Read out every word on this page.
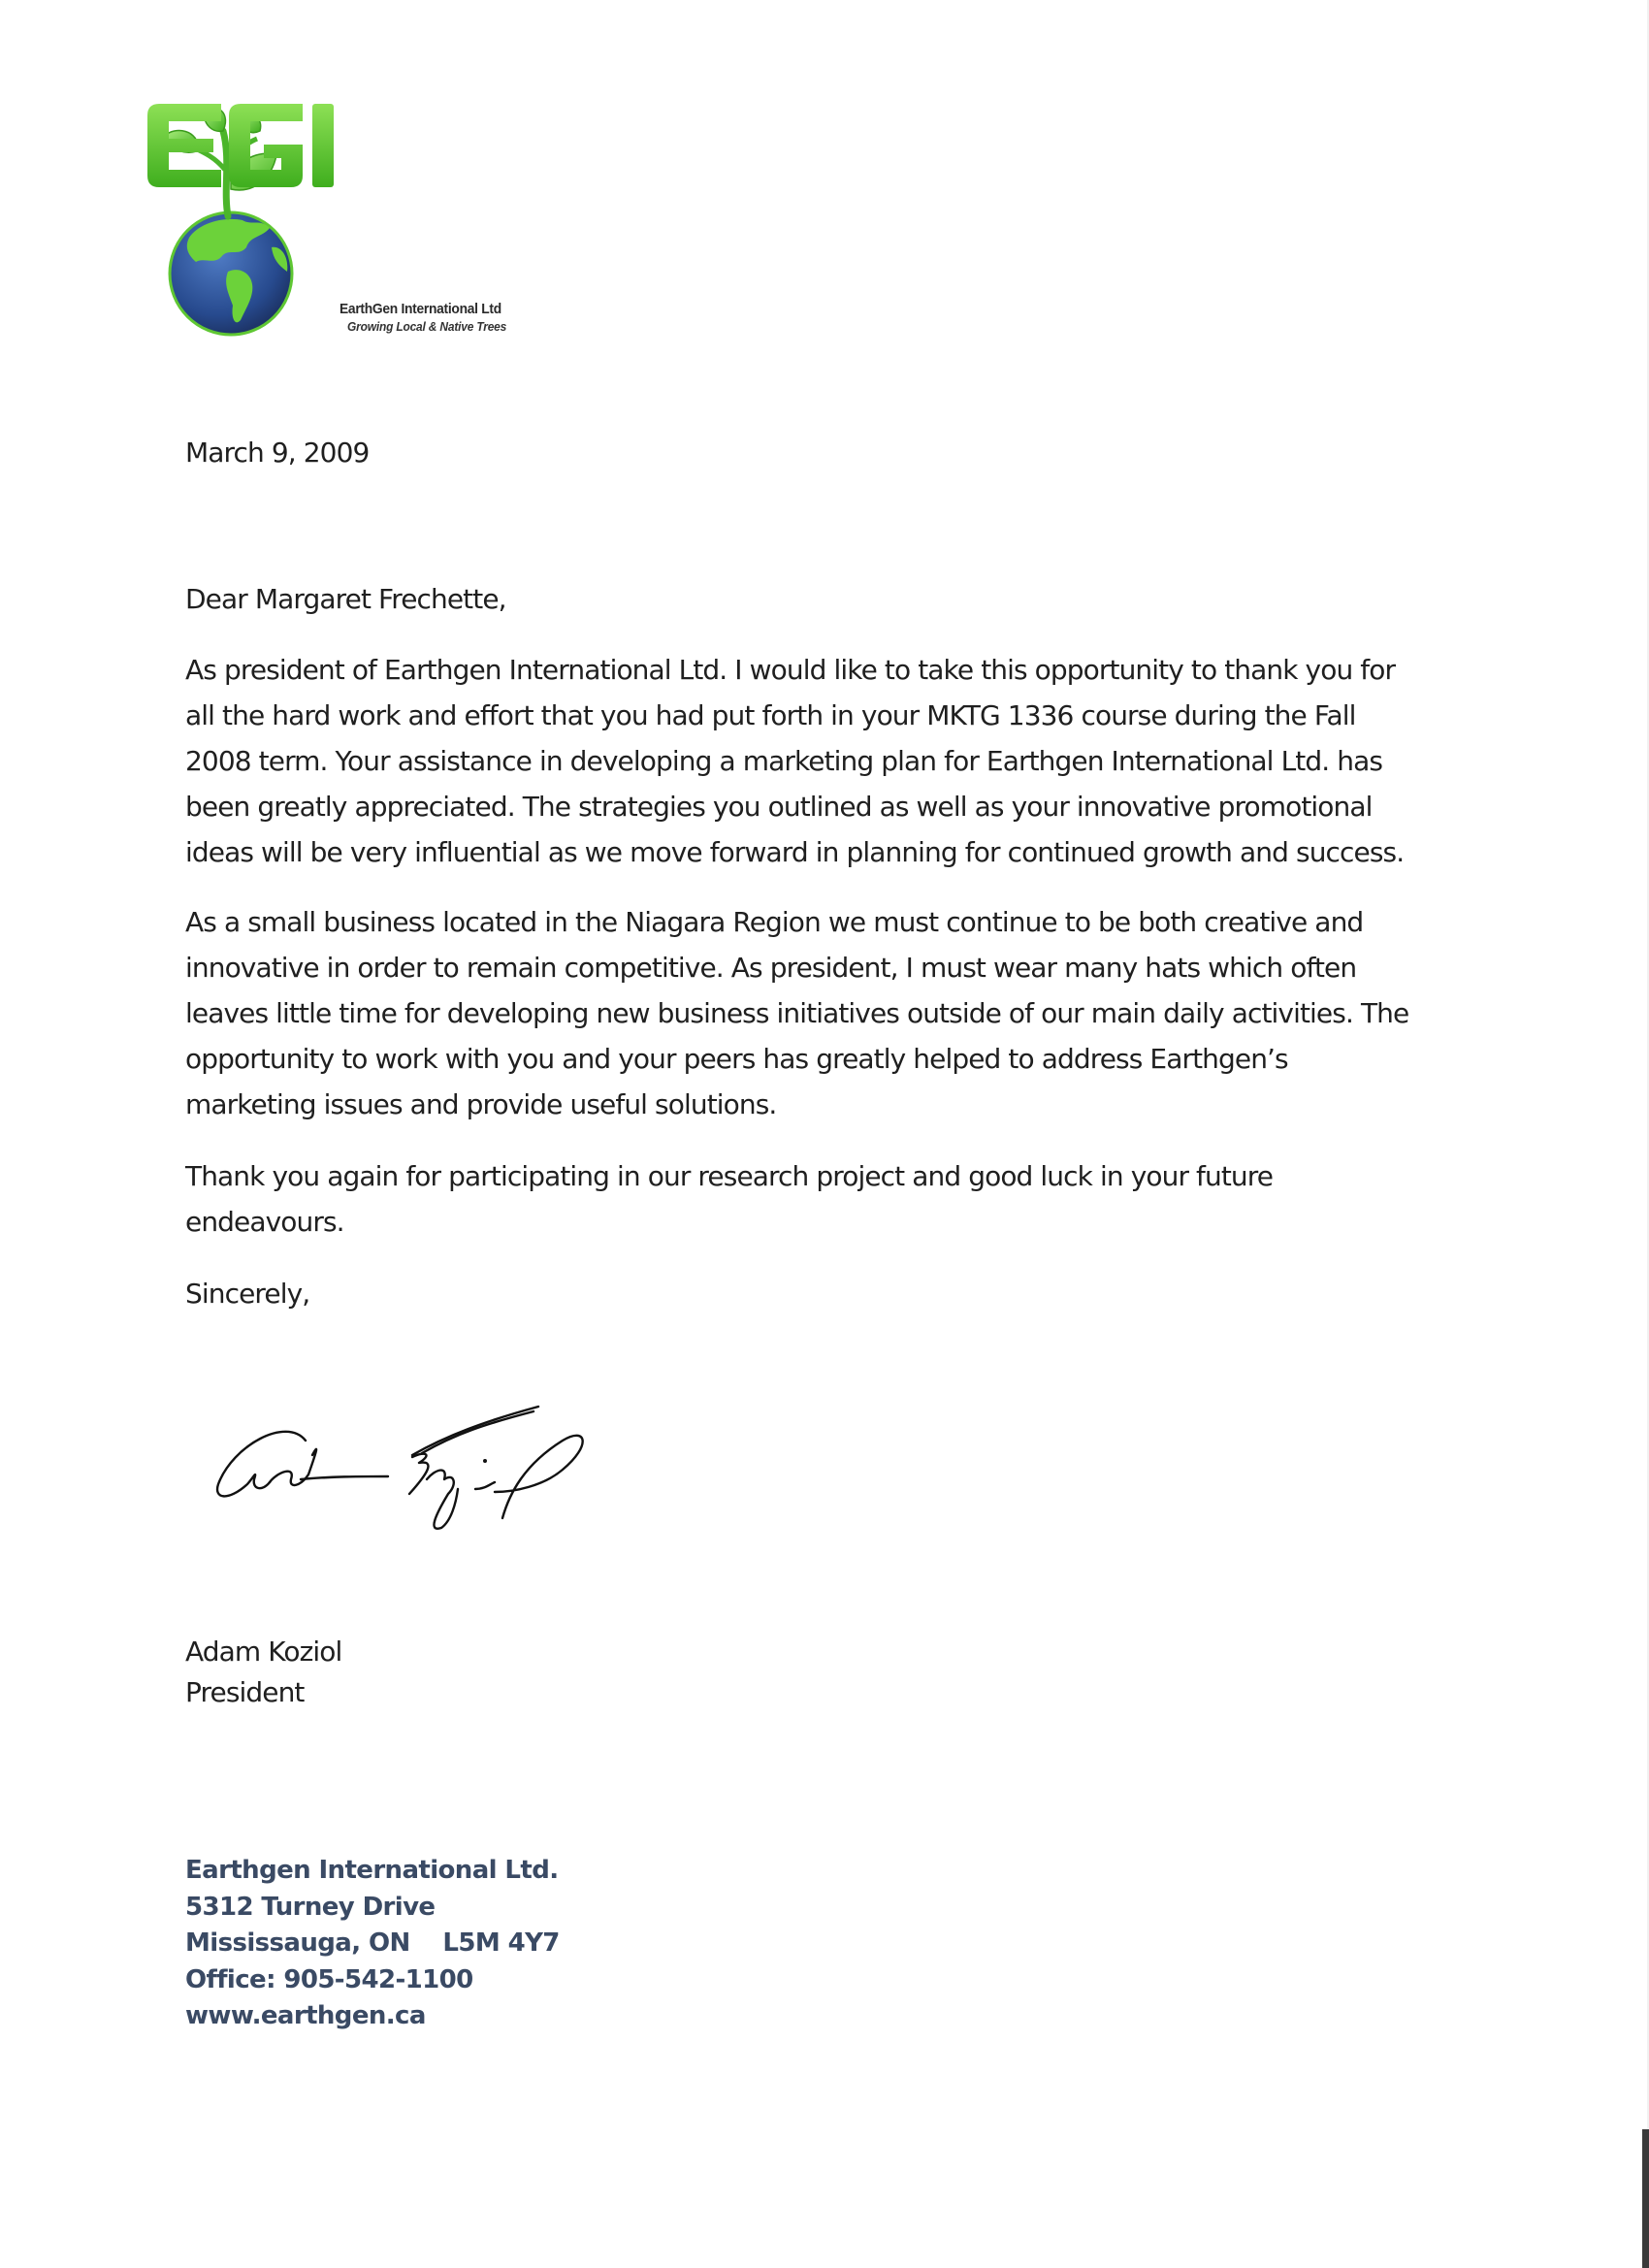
EarthGen International Ltd
Growing Local & Native Trees
March 9, 2009
Dear Margaret Frechette,
As president of Earthgen International Ltd. I would like to take this opportunity to thank you for
all the hard work and effort that you had put forth in your MKTG 1336 course during the Fall
2008 term. Your assistance in developing a marketing plan for Earthgen International Ltd. has
been greatly appreciated. The strategies you outlined as well as your innovative promotional
ideas will be very influential as we move forward in planning for continued growth and success.
As a small business located in the Niagara Region we must continue to be both creative and
innovative in order to remain competitive. As president, I must wear many hats which often
leaves little time for developing new business initiatives outside of our main daily activities. The
opportunity to work with you and your peers has greatly helped to address Earthgen’s
marketing issues and provide useful solutions.
Thank you again for participating in our research project and good luck in your future
endeavours.
Sincerely,
Adam Koziol
President
Earthgen International Ltd.
5312 Turney Drive
Mississauga, ON    L5M 4Y7
Office: 905-542-1100
www.earthgen.ca
